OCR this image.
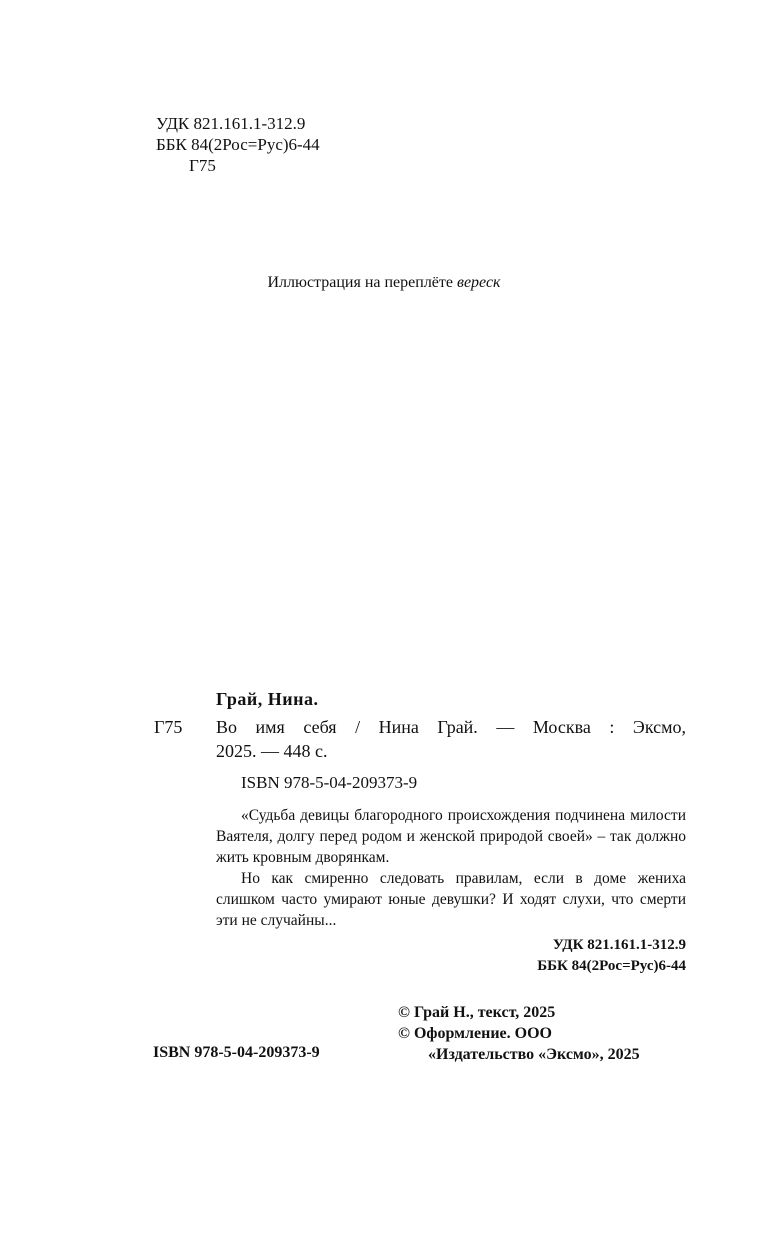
УДК 821.161.1-312.9
ББК 84(2Рос=Рус)6-44
Г75
Иллюстрация на переплёте вереск
Грай, Нина.
Г75 Во имя себя / Нина Грай. — Москва : Эксмо,
2025. — 448 с.
ISBN 978-5-04-209373-9

«Судьба девицы благородного происхождения подчинена милости Ваятеля, долгу перед родом и женской природой своей» – так должно жить кровным дворянкам.

Но как смиренно следовать правилам, если в доме жениха слишком часто умирают юные девушки? И ходят слухи, что смерти эти не случайны...

УДК 821.161.1-312.9
ББК 84(2Рос=Рус)6-44
© Грай Н., текст, 2025
© Оформление. ООО
«Издательство «Эксмо», 2025
ISBN 978-5-04-209373-9
